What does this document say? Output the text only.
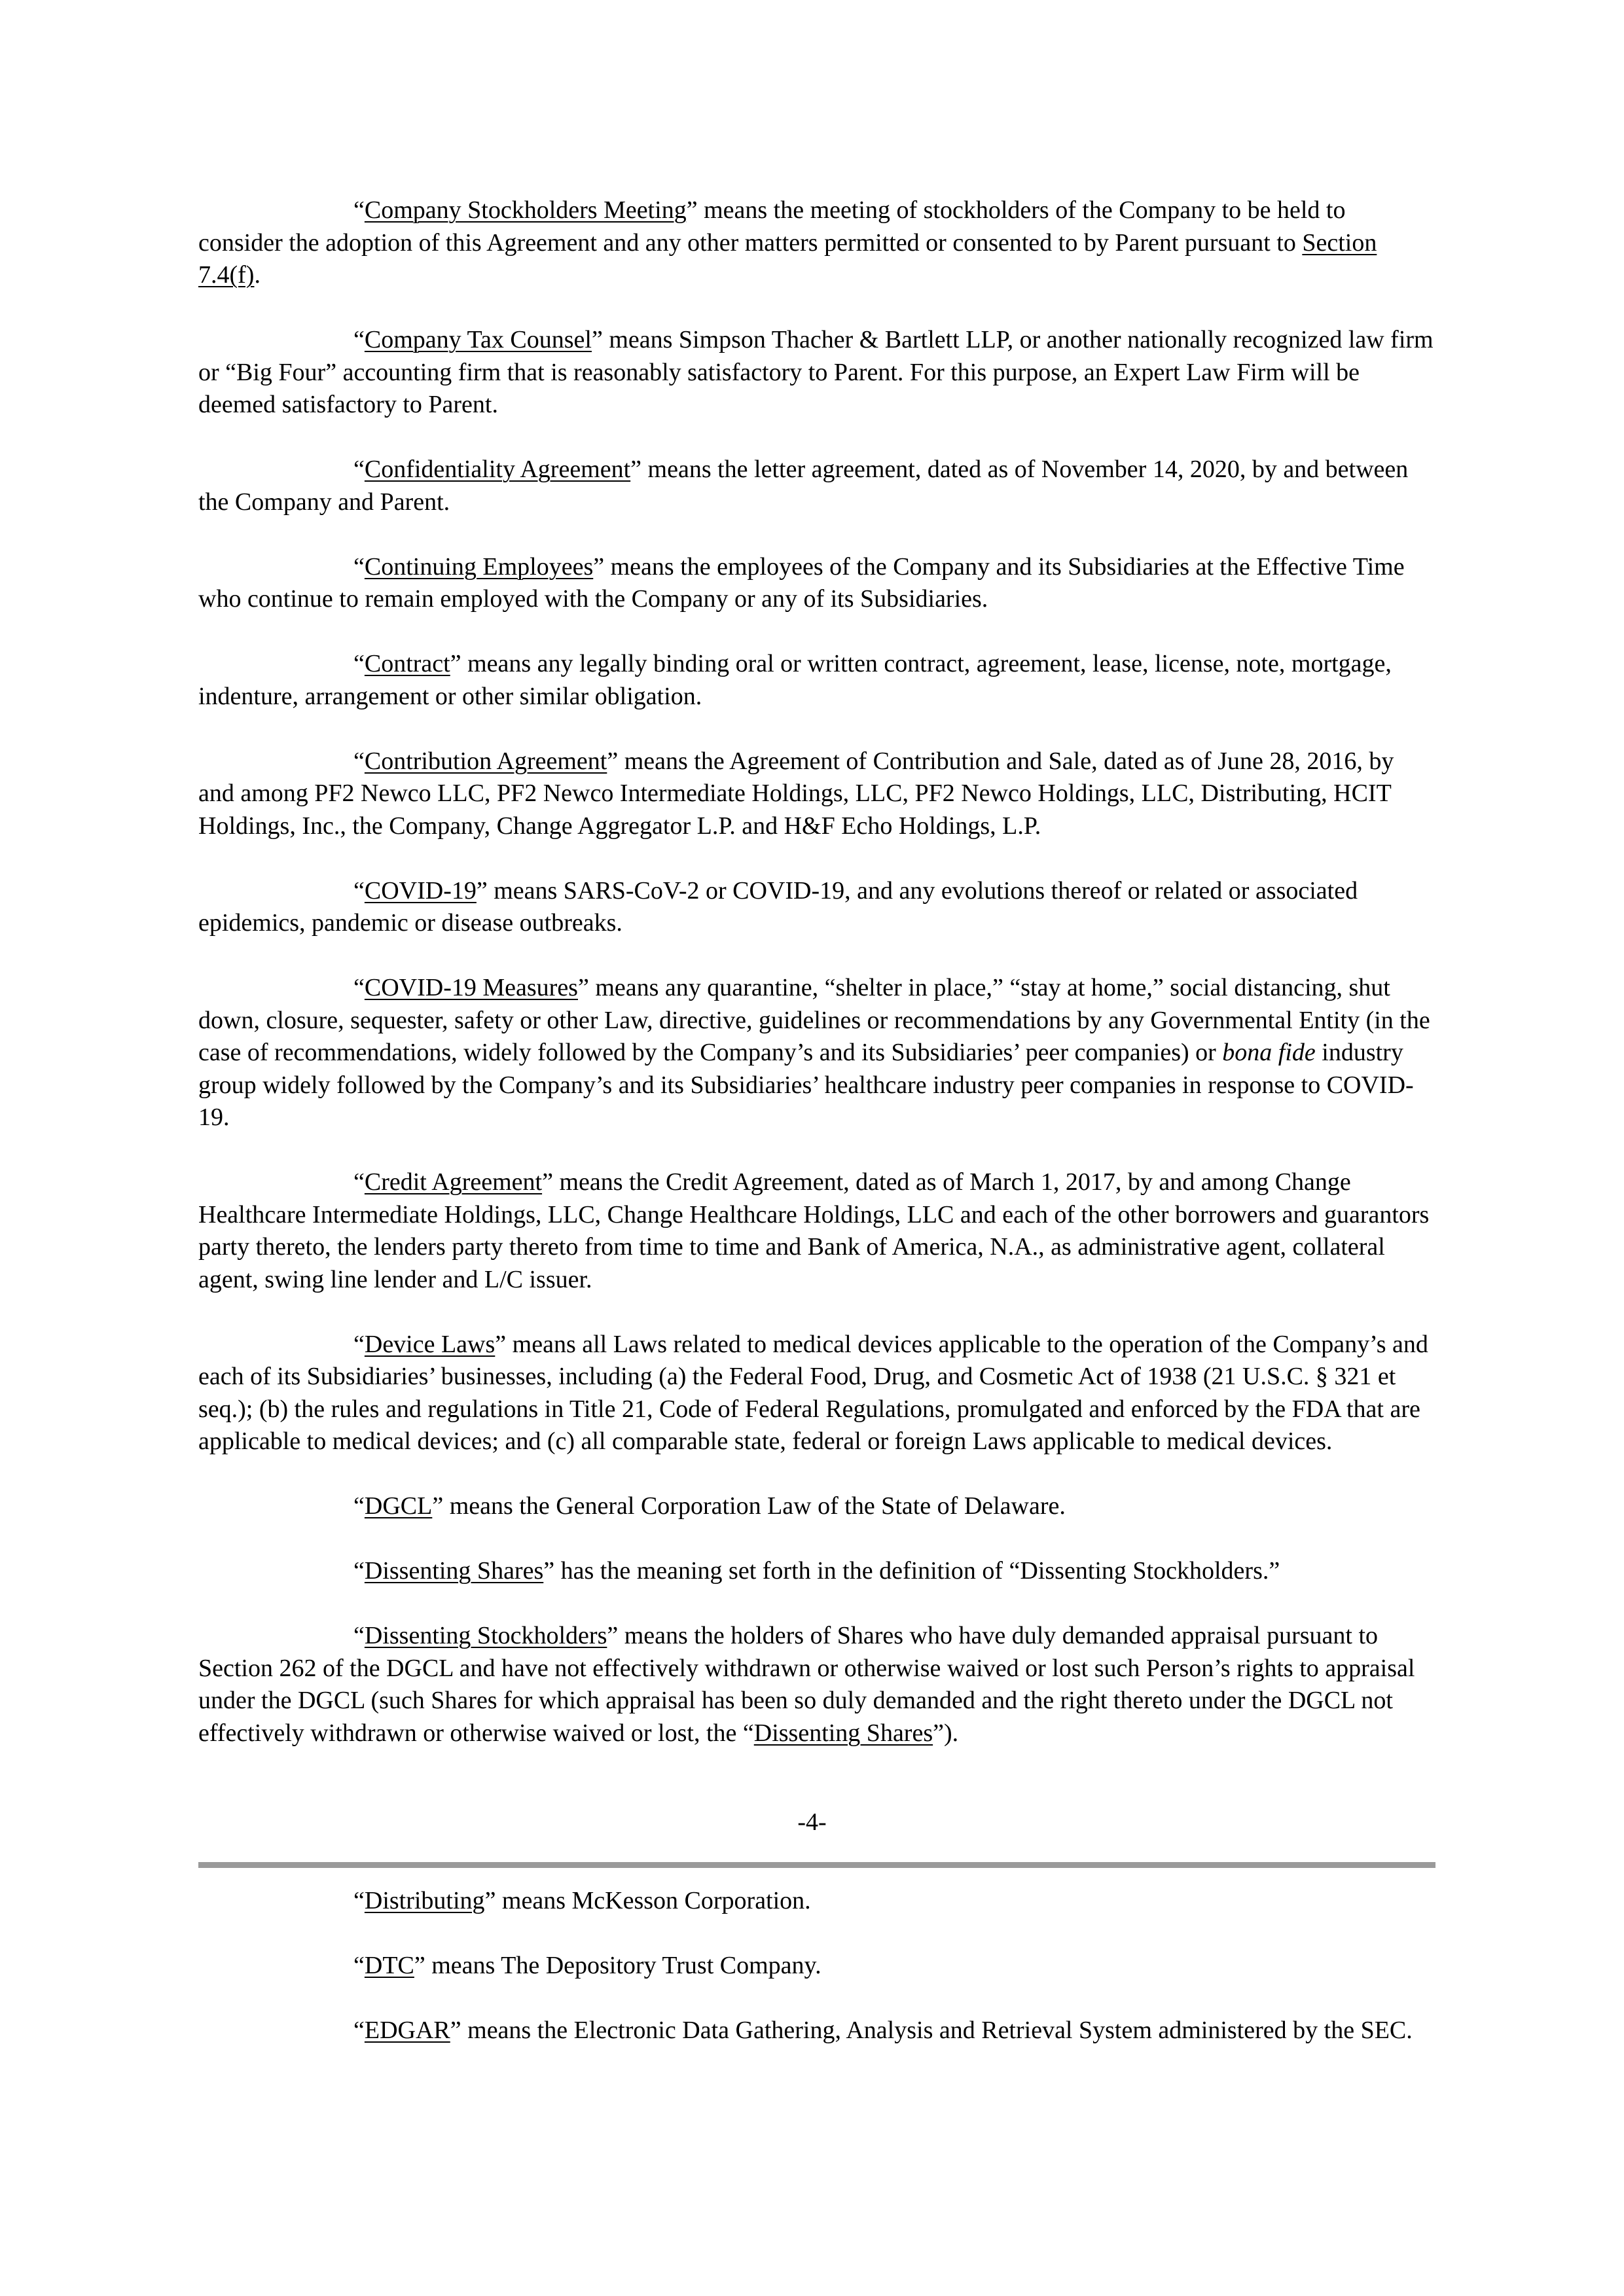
“Company Stockholders Meeting” means the meeting of stockholders of the Company to be held to consider the adoption of this Agreement and any other matters permitted or consented to by Parent pursuant to Section 7.4(f).

“Company Tax Counsel” means Simpson Thacher & Bartlett LLP, or another nationally recognized law firm or “Big Four” accounting firm that is reasonably satisfactory to Parent. For this purpose, an Expert Law Firm will be deemed satisfactory to Parent.

“Confidentiality Agreement” means the letter agreement, dated as of November 14, 2020, by and between the Company and Parent.

“Continuing Employees” means the employees of the Company and its Subsidiaries at the Effective Time who continue to remain employed with the Company or any of its Subsidiaries.

“Contract” means any legally binding oral or written contract, agreement, lease, license, note, mortgage, indenture, arrangement or other similar obligation.

“Contribution Agreement” means the Agreement of Contribution and Sale, dated as of June 28, 2016, by and among PF2 Newco LLC, PF2 Newco Intermediate Holdings, LLC, PF2 Newco Holdings, LLC, Distributing, HCIT Holdings, Inc., the Company, Change Aggregator L.P. and H&F Echo Holdings, L.P.

“COVID-19” means SARS-CoV-2 or COVID-19, and any evolutions thereof or related or associated epidemics, pandemic or disease outbreaks.

“COVID-19 Measures” means any quarantine, “shelter in place,” “stay at home,” social distancing, shut down, closure, sequester, safety or other Law, directive, guidelines or recommendations by any Governmental Entity (in the case of recommendations, widely followed by the Company’s and its Subsidiaries’ peer companies) or bona fide industry group widely followed by the Company’s and its Subsidiaries’ healthcare industry peer companies in response to COVID-19.

“Credit Agreement” means the Credit Agreement, dated as of March 1, 2017, by and among Change Healthcare Intermediate Holdings, LLC, Change Healthcare Holdings, LLC and each of the other borrowers and guarantors party thereto, the lenders party thereto from time to time and Bank of America, N.A., as administrative agent, collateral agent, swing line lender and L/C issuer.

“Device Laws” means all Laws related to medical devices applicable to the operation of the Company’s and each of its Subsidiaries’ businesses, including (a) the Federal Food, Drug, and Cosmetic Act of 1938 (21 U.S.C. § 321 et seq.); (b) the rules and regulations in Title 21, Code of Federal Regulations, promulgated and enforced by the FDA that are applicable to medical devices; and (c) all comparable state, federal or foreign Laws applicable to medical devices.

“DGCL” means the General Corporation Law of the State of Delaware.

“Dissenting Shares” has the meaning set forth in the definition of “Dissenting Stockholders.”

“Dissenting Stockholders” means the holders of Shares who have duly demanded appraisal pursuant to Section 262 of the DGCL and have not effectively withdrawn or otherwise waived or lost such Person’s rights to appraisal under the DGCL (such Shares for which appraisal has been so duly demanded and the right thereto under the DGCL not effectively withdrawn or otherwise waived or lost, the “Dissenting Shares”).

-4-

“Distributing” means McKesson Corporation.

“DTC” means The Depository Trust Company.

“EDGAR” means the Electronic Data Gathering, Analysis and Retrieval System administered by the SEC.
